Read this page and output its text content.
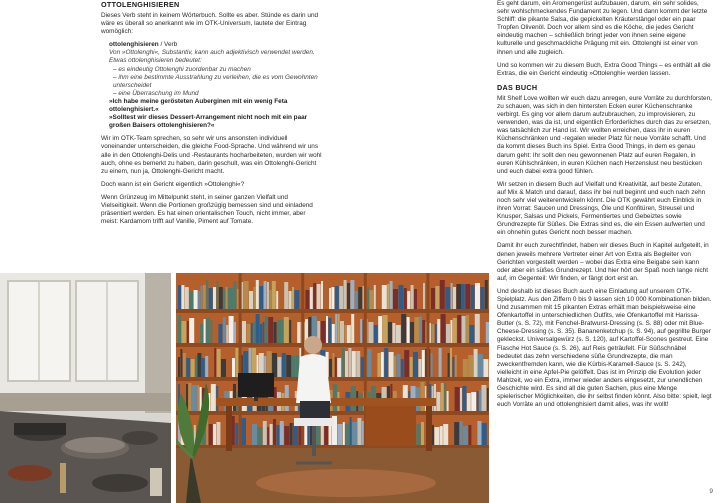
OTTOLENGHISIEREN

Dieses Verb steht in keinem Wörterbuch. Sollte es aber. Stünde es darin und wäre es überall so anerkannt wie im OTK-Universum, lautete der Eintrag womöglich:

ottolenghisieren / Verb
Von »Ottolenghi«, Substantiv, kann auch adjektivisch verwendet werden. Etwas ottolenghisieren bedeutet:
– es eindeutig Ottolenghi zuordenbar zu machen
– ihm eine bestimmte Ausstrahlung zu verleihen, die es vom Gewohnten unterscheidet
– eine Überraschung im Mund
»Ich habe meine gerösteten Auberginen mit ein wenig Feta ottolenghisiert.«
»Solltest wir dieses Dessert-Arrangement nicht noch mit ein paar großen Baisers ottolenghisieren?«

Wir im OTK-Team sprechen, so sehr wir uns ansonsten individuell voneinander unterscheiden, die gleiche Food-Sprache. Und während wir uns alle in den Ottolenghi-Delis und -Restaurants hocharbeiteten, wurden wir wohl auch, ohne es bemerkt zu haben, darin geschult, was ein Ottolenghi-Gericht zu einem, nun ja, Ottolenghi-Gericht macht.

Doch wann ist ein Gericht eigentlich »Ottolenghi«?

Wenn Grünzeug im Mittelpunkt steht, in seiner ganzen Vielfalt und Vielseitigkeit. Wenn die Portionen großzügig bemessen sind und einladend präsentiert werden. Es hat einen orientalischen Touch, nicht immer, aber meist: Kardamom trifft auf Vanille, Piment auf Tomate.

Es geht darum, ein Aromengerüst aufzubauen, darum, ein sehr solides, sehr wohlschmeckendes Fundament zu legen. Und dann kommt der letzte Schliff: die pikante Salsa, die gepickelten Kräuterstängel oder ein paar Tropfen Olivenöl. Doch vor allem sind es die Köche, die jedes Gericht eindeutig machen – schließlich bringt jeder von ihnen seine eigene kulturelle und geschmackliche Prägung mit ein. Ottolenghi ist einer von ihnen und alle zugleich.

Und so kommen wir zu diesem Buch, Extra Good Things – es enthält all die Extras, die ein Gericht eindeutig »Ottolenghi« werden lassen.

DAS BUCH

Mit Shelf Love wollten wir euch dazu anregen, eure Vorräte zu durchforsten, zu schauen, was sich in den hintersten Ecken eurer Küchenschranke verbirgt. Es ging vor allem darum aufzubrauchen, zu improvisieren, zu verwenden, was da ist, und eigentlich Erforderliches durch das zu ersetzen, was tatsächlich zur Hand ist. Wir wollten erreichen, dass ihr in euren Küchenschränken und -regalen wieder Platz für neue Vorräte schafft. Und da kommt dieses Buch ins Spiel. Extra Good Things, in dem es genau darum geht: Ihr sollt den neu gewonnenen Platz auf euren Regalen, in euren Kühlschränken, in euren Küchen nach Herzenslust neu bestücken und euch dabei extra good fühlen.

Wir setzen in diesem Buch auf Vielfalt und Kreativität, auf beste Zutaten, auf Mix & Match und darauf, dass ihr bei null beginnt und euch nach zehn noch sehr viel weiterentwickeln könnt. Die OTK gewährt euch Einblick in ihren Vorrat: Saucen und Dressings, Öle und Konfitüren, Streusel und Knusper, Salsas und Pickels, Fermentiertes und Gebeiztes sowie Grundrezepte für Süßes. Die Extras sind es, die ein Essen aufwerten und ein ohnehin gutes Gericht noch besser machen.

Damit ihr euch zurechtfindet, haben wir dieses Buch in Kapitel aufgeteilt, in denen jeweils mehrere Vertreter einer Art von Extra als Begleiter von Gerichten vorgestellt werden – wobei das Extra eine Beigabe sein kann oder aber ein süßes Grundrezept. Und hier hört der Spaß noch lange nicht auf, im Gegenteil: Wir finden, er fängt dort erst an.

Und deshalb ist dieses Buch auch eine Einladung auf unserem OTK-Spielplatz. Aus den Ziffern 0 bis 9 lassen sich 10 000 Kombinationen bilden. Und zusammen mit 15 pikanten Extras erhält man beispielsweise eine Ofenkartoffel in unterschiedlichen Outfits, wie Ofenkartoffel mit Harissa-Butter (s. S. 72), mit Fenchel-Bratwurst-Dressing (s. S. 88) oder mit Blue-Cheese-Dressing (s. S. 35). Bananenketchup (s. S. 94), auf gegrillte Burger gekleckst. Universalgewürz (s. S. 120), auf Kartoffel-Scones gestreut. Eine Flasche Hot Sauce (s. S. 26), auf Reis geträufelt. Für Süßschnäbel bedeutet das zehn verschiedene süße Grundrezepte, die man zweckentfremden kann, wie die Kürbis-Karamell-Sauce (s. S. 242), vielleicht in eine Apfel-Pie gelöffelt. Das ist im Prinzip die Evolution jeder Mahlzeit, wo ein Extra, immer wieder anders eingesetzt, zur unendlichen Geschichte wird. Es sind all die guten Sachen, plus eine Menge spielerischer Möglichkeiten, die ihr selbst finden könnt. Also bitte: spielt, legt euch Vorräte an und ottolenghisiert damit alles, was ihr wollt!

9
